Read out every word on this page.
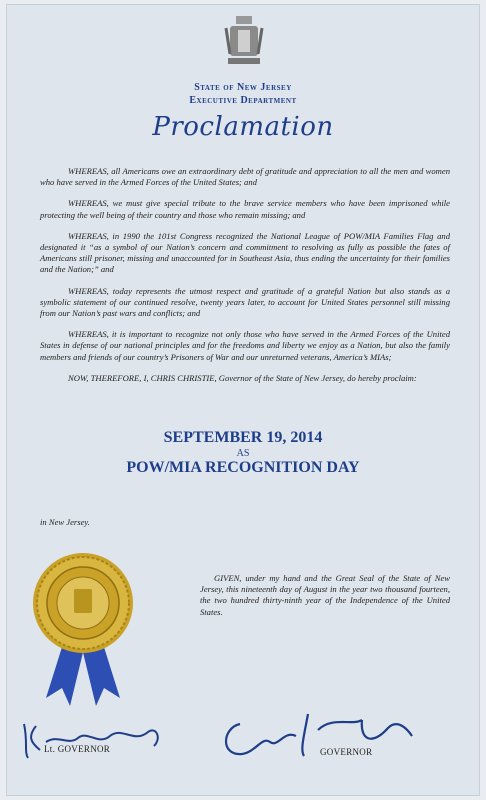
State of New Jersey
Executive Department
Proclamation

WHEREAS, all Americans owe an extraordinary debt of gratitude and appreciation to all the men and women who have served in the Armed Forces of the United States; and

WHEREAS, we must give special tribute to the brave service members who have been imprisoned while protecting the well being of their country and those who remain missing; and

WHEREAS, in 1990 the 101st Congress recognized the National League of POW/MIA Families Flag and designated it “as a symbol of our Nation’s concern and commitment to resolving as fully as possible the fates of Americans still prisoner, missing and unaccounted for in Southeast Asia, thus ending the uncertainty for their families and the Nation;” and

WHEREAS, today represents the utmost respect and gratitude of a grateful Nation but also stands as a symbolic statement of our continued resolve, twenty years later, to account for United States personnel still missing from our Nation’s past wars and conflicts; and

WHEREAS, it is important to recognize not only those who have served in the Armed Forces of the United States in defense of our national principles and for the freedoms and liberty we enjoy as a Nation, but also the family members and friends of our country’s Prisoners of War and our unreturned veterans, America’s MIAs;

NOW, THEREFORE, I, CHRIS CHRISTIE, Governor of the State of New Jersey, do hereby proclaim:

SEPTEMBER 19, 2014
AS
POW/MIA RECOGNITION DAY
in New Jersey.
GIVEN, under my hand and the Great Seal of the State of New Jersey, this nineteenth day of August in the year two thousand fourteen, the two hundred thirty-ninth year of the Independence of the United States.
Lt. GOVERNOR	GOVERNOR
